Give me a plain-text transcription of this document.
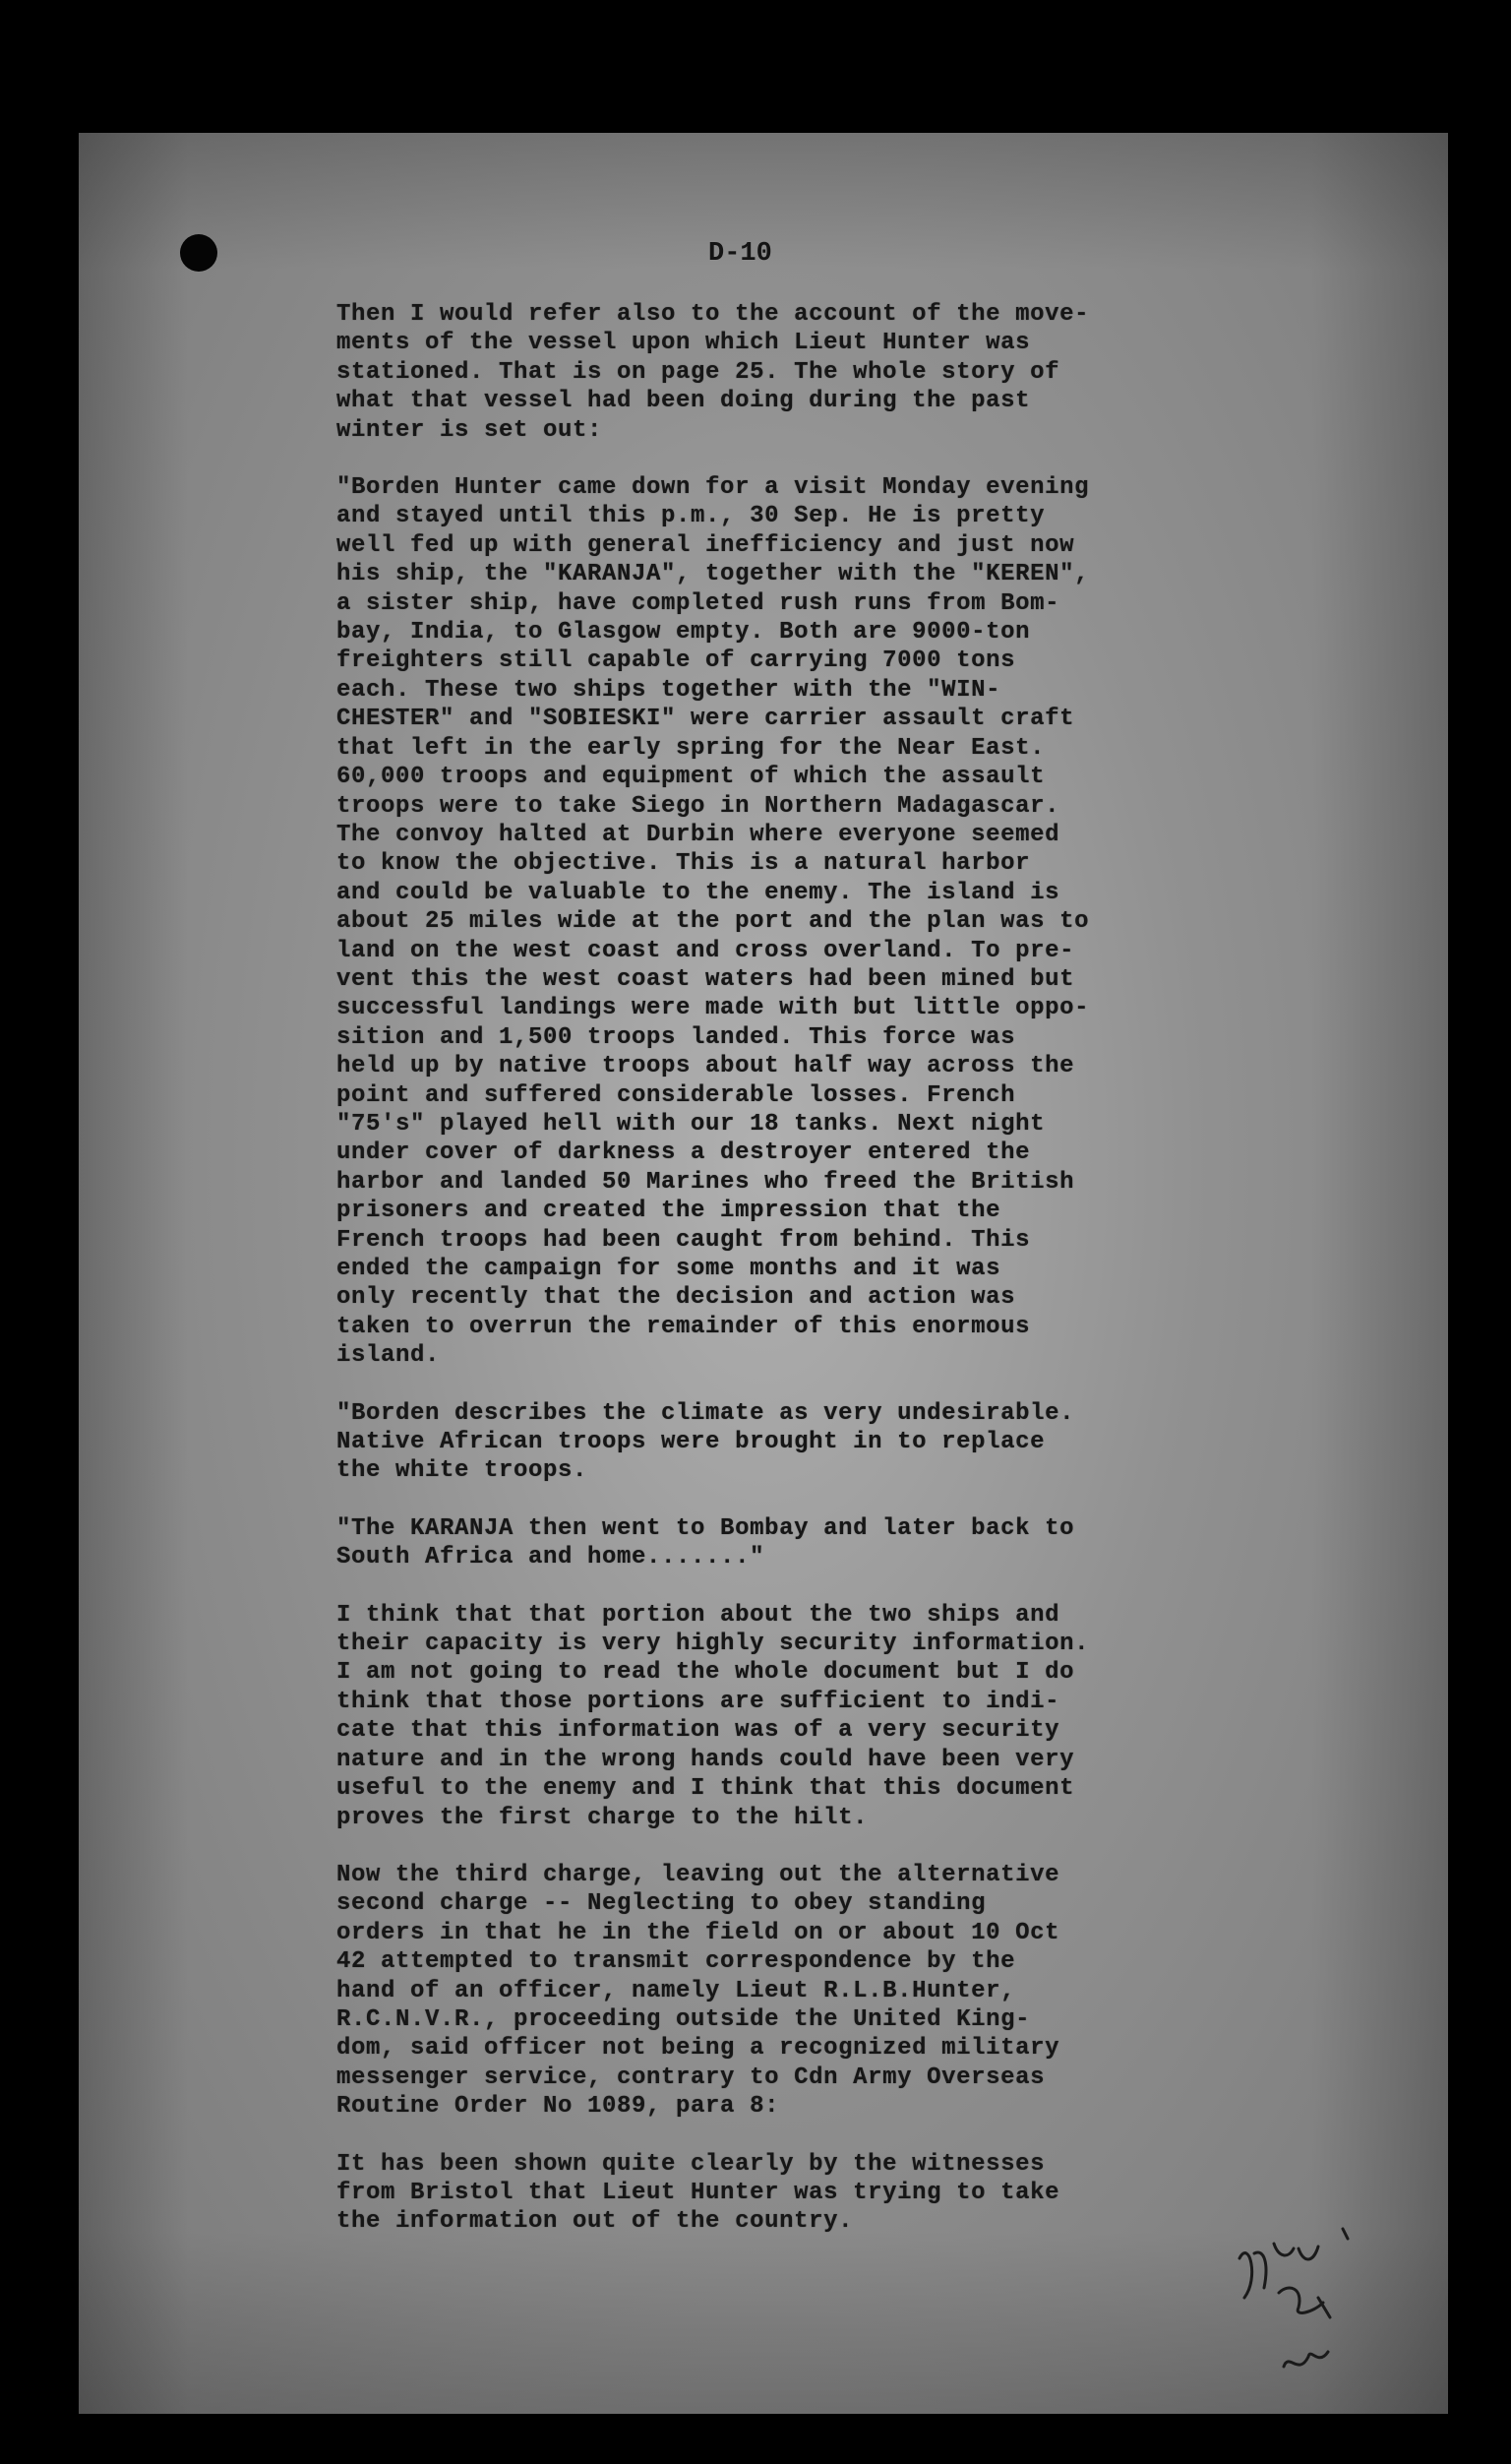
D-10
Then I would refer also to the account of the move-
ments of the vessel upon which Lieut Hunter was
stationed. That is on page 25. The whole story of
what that vessel had been doing during the past
winter is set out:
"Borden Hunter came down for a visit Monday evening
and stayed until this p.m., 30 Sep. He is pretty
well fed up with general inefficiency and just now
his ship, the "KARANJA", together with the "KEREN",
a sister ship, have completed rush runs from Bom-
bay, India, to Glasgow empty. Both are 9000-ton
freighters still capable of carrying 7000 tons
each. These two ships together with the "WIN-
CHESTER" and "SOBIESKI" were carrier assault craft
that left in the early spring for the Near East.
60,000 troops and equipment of which the assault
troops were to take Siego in Northern Madagascar.
The convoy halted at Durbin where everyone seemed
to know the objective. This is a natural harbor
and could be valuable to the enemy. The island is
about 25 miles wide at the port and the plan was to
land on the west coast and cross overland. To pre-
vent this the west coast waters had been mined but
successful landings were made with but little oppo-
sition and 1,500 troops landed. This force was
held up by native troops about half way across the
point and suffered considerable losses. French
"75's" played hell with our 18 tanks. Next night
under cover of darkness a destroyer entered the
harbor and landed 50 Marines who freed the British
prisoners and created the impression that the
French troops had been caught from behind. This
ended the campaign for some months and it was
only recently that the decision and action was
taken to overrun the remainder of this enormous
island.
"Borden describes the climate as very undesirable.
Native African troops were brought in to replace
the white troops.
"The KARANJA then went to Bombay and later back to
South Africa and home......."
I think that that portion about the two ships and
their capacity is very highly security information.
I am not going to read the whole document but I do
think that those portions are sufficient to indi-
cate that this information was of a very security
nature and in the wrong hands could have been very
useful to the enemy and I think that this document
proves the first charge to the hilt.
Now the third charge, leaving out the alternative
second charge -- Neglecting to obey standing
orders in that he in the field on or about 10 Oct
42 attempted to transmit correspondence by the
hand of an officer, namely Lieut R.L.B.Hunter,
R.C.N.V.R., proceeding outside the United King-
dom, said officer not being a recognized military
messenger service, contrary to Cdn Army Overseas
Routine Order No 1089, para 8:
It has been shown quite clearly by the witnesses
from Bristol that Lieut Hunter was trying to take
the information out of the country.
